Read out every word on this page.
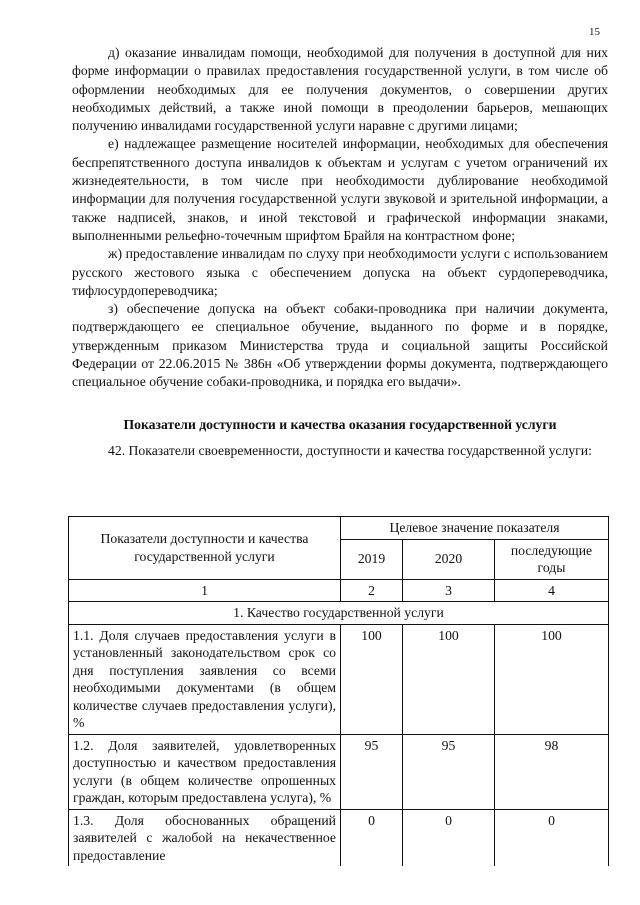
15

д) оказание инвалидам помощи, необходимой для получения в доступной для них форме информации о правилах предоставления государственной услуги, в том числе об оформлении необходимых для ее получения документов, о совершении других необходимых действий, а также иной помощи в преодолении барьеров, мешающих получению инвалидами государственной услуги наравне с другими лицами;

е) надлежащее размещение носителей информации, необходимых для обеспечения беспрепятственного доступа инвалидов к объектам и услугам с учетом ограничений их жизнедеятельности, в том числе при необходимости дублирование необходимой информации для получения государственной услуги звуковой и зрительной информации, а также надписей, знаков, и иной текстовой и графической информации знаками, выполненными рельефно-точечным шрифтом Брайля на контрастном фоне;

ж) предоставление инвалидам по слуху при необходимости услуги с использованием русского жестового языка с обеспечением допуска на объект сурдопереводчика, тифлосурдопереводчика;

з) обеспечение допуска на объект собаки-проводника при наличии документа, подтверждающего ее специальное обучение, выданного по форме и в порядке, утвержденным приказом Министерства труда и социальной защиты Российской Федерации от 22.06.2015 № 386н «Об утверждении формы документа, подтверждающего специальное обучение собаки-проводника, и порядка его выдачи».

Показатели доступности и качества оказания государственной услуги

42. Показатели своевременности, доступности и качества государственной услуги:

Показатели доступности и качества государственной услуги	Целевое значение показателя		
	2019	2020	последующие годы
1	2	3	4
1. Качество государственной услуги			
1.1. Доля случаев предоставления услуги в установленный законодательством срок со дня поступления заявления со всеми необходимыми документами (в общем количестве случаев предоставления услуги), %	100	100	100
1.2. Доля заявителей, удовлетворенных доступностью и качеством предоставления услуги (в общем количестве опрошенных граждан, которым предоставлена услуга), %	95	95	98
1.3. Доля обоснованных обращений заявителей с жалобой на некачественное предоставление	0	0	0
